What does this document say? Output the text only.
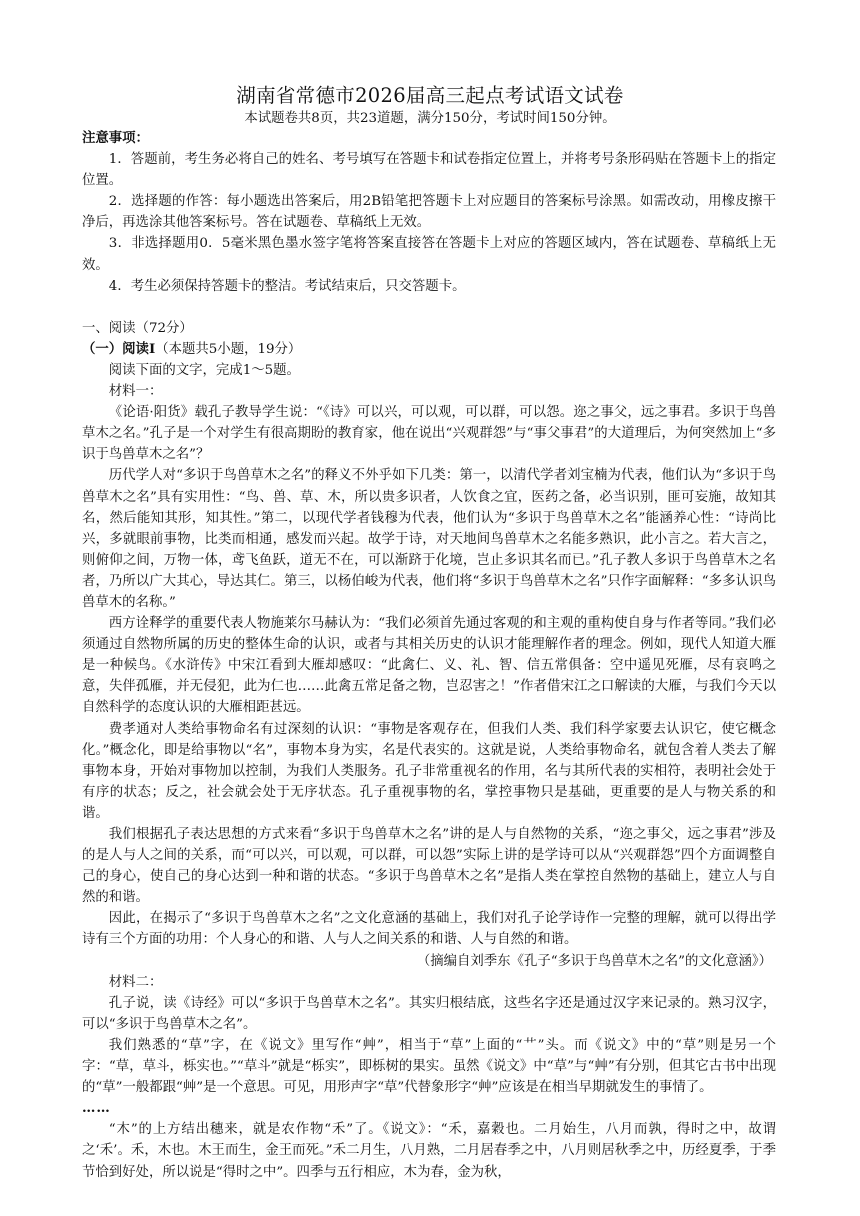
湖南省常德市2026届高三起点考试语文试卷
本试题卷共8页，共23道题，满分150分，考试时间150分钟。

注意事项：

1．答题前，考生务必将自己的姓名、考号填写在答题卡和试卷指定位置上，并将考号条形码贴在答题卡上的指定位置。

2．选择题的作答：每小题选出答案后，用2B铅笔把答题卡上对应题目的答案标号涂黑。如需改动，用橡皮擦干净后，再选涂其他答案标号。答在试题卷、草稿纸上无效。

3．非选择题用0．5毫米黑色墨水签字笔将答案直接答在答题卡上对应的答题区域内，答在试题卷、草稿纸上无效。

4．考生必须保持答题卡的整洁。考试结束后，只交答题卡。

一、阅读（72分）

（一）阅读Ⅰ（本题共5小题，19分）

阅读下面的文字，完成1～5题。

材料一：

《论语·阳货》载孔子教导学生说：“《诗》可以兴，可以观，可以群，可以怨。迩之事父，远之事君。多识于鸟兽草木之名。”孔子是一个对学生有很高期盼的教育家，他在说出“兴观群怨”与“事父事君”的大道理后，为何突然加上“多识于鸟兽草木之名”？

历代学人对“多识于鸟兽草木之名”的释义不外乎如下几类：第一，以清代学者刘宝楠为代表，他们认为“多识于鸟兽草木之名”具有实用性：“鸟、兽、草、木，所以贵多识者，人饮食之宜，医药之备，必当识别，匪可妄施，故知其名，然后能知其形，知其性。”第二，以现代学者钱穆为代表，他们认为“多识于鸟兽草木之名”能涵养心性：“诗尚比兴，多就眼前事物，比类而相通，感发而兴起。故学于诗，对天地间鸟兽草木之名能多熟识，此小言之。若大言之，则俯仰之间，万物一体，鸢飞鱼跃，道无不在，可以渐跻于化境，岂止多识其名而已。”孔子教人多识于鸟兽草木之名者，乃所以广大其心，导达其仁。第三，以杨伯峻为代表，他们将“多识于鸟兽草木之名”只作字面解释：“多多认识鸟兽草木的名称。”

西方诠释学的重要代表人物施莱尔马赫认为：“我们必须首先通过客观的和主观的重构使自身与作者等同。”我们必须通过自然物所属的历史的整体生命的认识，或者与其相关历史的认识才能理解作者的理念。例如，现代人知道大雁是一种候鸟。《水浒传》中宋江看到大雁却感叹：“此禽仁、义、礼、智、信五常俱备：空中遥见死雁，尽有哀鸣之意，失伴孤雁，并无侵犯，此为仁也……此禽五常足备之物，岂忍害之！”作者借宋江之口解读的大雁，与我们今天以自然科学的态度认识的大雁相距甚远。

费孝通对人类给事物命名有过深刻的认识：“事物是客观存在，但我们人类、我们科学家要去认识它，使它概念化。”概念化，即是给事物以“名”，事物本身为实，名是代表实的。这就是说，人类给事物命名，就包含着人类去了解事物本身，开始对事物加以控制，为我们人类服务。孔子非常重视名的作用，名与其所代表的实相符，表明社会处于有序的状态；反之，社会就会处于无序状态。孔子重视事物的名，掌控事物只是基础，更重要的是人与物关系的和谐。

我们根据孔子表达思想的方式来看“多识于鸟兽草木之名”讲的是人与自然物的关系，“迩之事父，远之事君”涉及的是人与人之间的关系，而“可以兴，可以观，可以群，可以怨”实际上讲的是学诗可以从“兴观群怨”四个方面调整自己的身心，使自己的身心达到一种和谐的状态。“多识于鸟兽草木之名”是指人类在掌控自然物的基础上，建立人与自然的和谐。

因此，在揭示了“多识于鸟兽草木之名”之文化意涵的基础上，我们对孔子论学诗作一完整的理解，就可以得出学诗有三个方面的功用：个人身心的和谐、人与人之间关系的和谐、人与自然的和谐。

（摘编自刘季东《孔子“多识于鸟兽草木之名”的文化意涵》）

材料二：

孔子说，读《诗经》可以“多识于鸟兽草木之名”。其实归根结底，这些名字还是通过汉字来记录的。熟习汉字，可以“多识于鸟兽草木之名”。

我们熟悉的“草”字，在《说文》里写作“艸”，相当于“草”上面的“艹”头。而《说文》中的“草”则是另一个字：“草，草斗，栎实也。”“草斗”就是“栎实”，即栎树的果实。虽然《说文》中“草”与“艸”有分别，但其它古书中出现的“草”一般都跟“艸”是一个意思。可见，用形声字“草”代替象形字“艸”应该是在相当早期就发生的事情了。

……

“木”的上方结出穗来，就是农作物“禾”了。《说文》：“禾，嘉穀也。二月始生，八月而孰，得时之中，故谓之‘禾’。禾，木也。木王而生，金王而死。”禾二月生，八月熟，二月居春季之中，八月则居秋季之中，历经夏季，于季节恰到好处，所以说是“得时之中”。四季与五行相应，木为春，金为秋，
